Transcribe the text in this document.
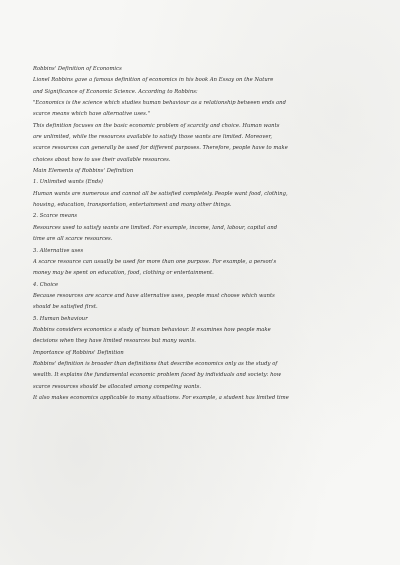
Robbins' Definition of Economics
Lionel Robbins gave a famous definition of economics in his book An Essay on the Nature
and Significance of Economic Science. According to Robbins:
"Economics is the science which studies human behaviour as a relationship between ends and
scarce means which have alternative uses."
This definition focuses on the basic economic problem of scarcity and choice. Human wants
are unlimited, while the resources available to satisfy those wants are limited. Moreover,
scarce resources can generally be used for different purposes. Therefore, people have to make
choices about how to use their available resources.
Main Elements of Robbins' Definition
1. Unlimited wants (Ends)
Human wants are numerous and cannot all be satisfied completely. People want food, clothing,
housing, education, transportation, entertainment and many other things.
2. Scarce means
Resources used to satisfy wants are limited. For example, income, land, labour, capital and
time are all scarce resources.
3. Alternative uses
A scarce resource can usually be used for more than one purpose. For example, a person's
money may be spent on education, food, clothing or entertainment.
4. Choice
Because resources are scarce and have alternative uses, people must choose which wants
should be satisfied first.
5. Human behaviour
Robbins considers economics a study of human behaviour. It examines how people make
decisions when they have limited resources but many wants.
Importance of Robbins' Definition
Robbins' definition is broader than definitions that describe economics only as the study of
wealth. It explains the fundamental economic problem faced by individuals and society: how
scarce resources should be allocated among competing wants.
It also makes economics applicable to many situations. For example, a student has limited time
